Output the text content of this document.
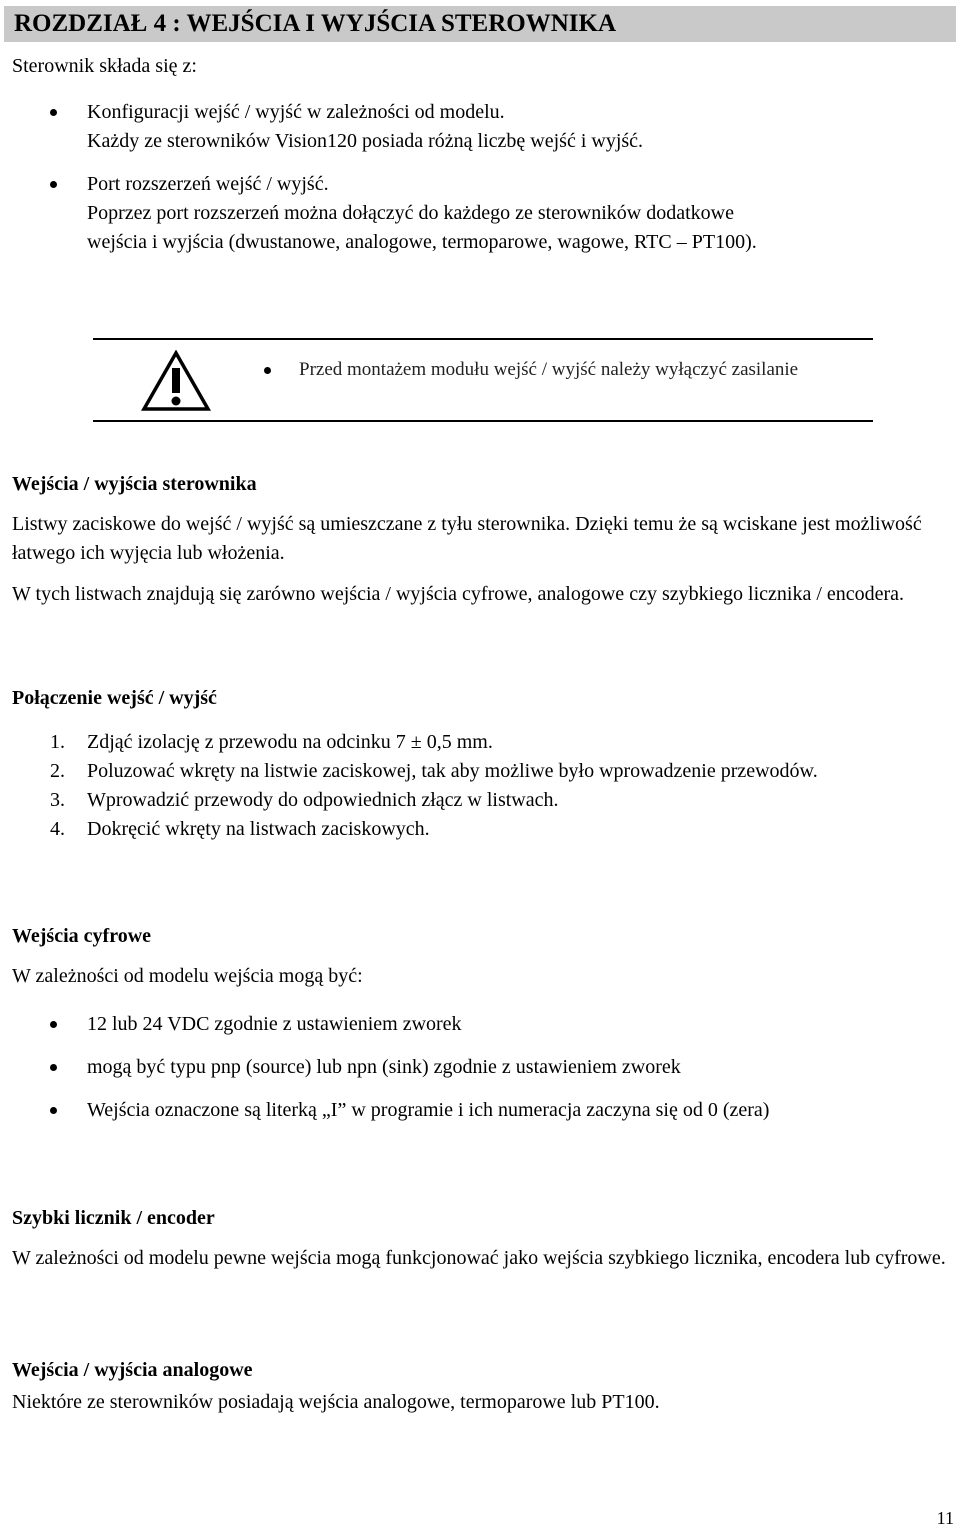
ROZDZIAŁ 4 : WEJŚCIA I WYJŚCIA STEROWNIKA
Sterownik składa się z:
Konfiguracji wejść / wyjść w zależności od modelu.
Każdy ze sterowników Vision120 posiada różną liczbę wejść i wyjść.
Port rozszerzeń wejść / wyjść.
Poprzez port rozszerzeń można dołączyć do każdego ze sterowników dodatkowe
wejścia i wyjścia (dwustanowe, analogowe, termoparowe, wagowe, RTC – PT100).
Przed montażem modułu wejść / wyjść należy wyłączyć zasilanie
Wejścia / wyjścia sterownika

Listwy zaciskowe do wejść / wyjść są umieszczane z tyłu sterownika. Dzięki temu że są wciskane jest możliwość łatwego ich wyjęcia lub włożenia.

W tych listwach znajdują się zarówno wejścia / wyjścia cyfrowe, analogowe czy szybkiego licznika / encodera.

Połączenie wejść / wyjść
1. Zdjąć izolację z przewodu na odcinku 7 ± 0,5 mm.
2. Poluzować wkręty na listwie zaciskowej, tak aby możliwe było wprowadzenie przewodów.
3. Wprowadzić przewody do odpowiednich złącz w listwach.
4. Dokręcić wkręty na listwach zaciskowych.
Wejścia cyfrowe
W zależności od modelu wejścia mogą być:
12 lub 24 VDC zgodnie z ustawieniem zworek
mogą być typu pnp (source) lub npn (sink) zgodnie z ustawieniem zworek
Wejścia oznaczone są literką „I” w programie i ich numeracja zaczyna się od 0 (zera)
Szybki licznik / encoder

W zależności od modelu pewne wejścia mogą funkcjonować jako wejścia szybkiego licznika, encodera lub cyfrowe.

Wejścia / wyjścia analogowe

Niektóre ze sterowników posiadają wejścia analogowe, termoparowe lub PT100.

11
